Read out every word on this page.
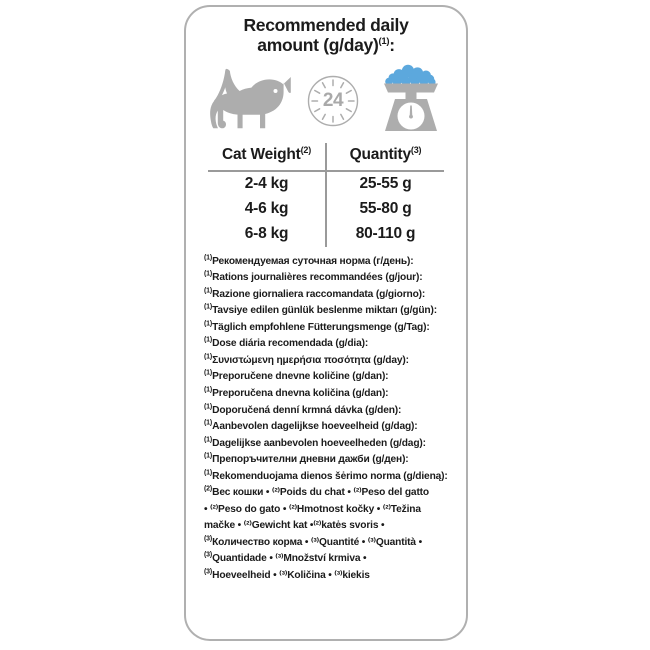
Recommended daily
amount $(g/day)^{(1)}$:
24
Cat Weight$^{(2)}$	Quantity$^{(3)}$
2-4 kg	25-55 g
4-6 kg	55-80 g
6-8 kg	80-110 g
$^{(1)}$Рекомендуемая суточная норма (г/день):
$^{(1)}$Rations journalières recommandées (g/jour):
$^{(1)}$Razione giornaliera raccomandata (g/giorno):
$^{(1)}$Tavsiye edilen günlük beslenme miktarı (g/gün):
$^{(1)}$Täglich empfohlene Fütterungsmenge (g/Tag):
$^{(1)}$Dose diária recomendada (g/dia):
$^{(1)}$Συνιστώμενη ημερήσια ποσότητα (g/day):
$^{(1)}$Preporučene dnevne količine (g/dan):
$^{(1)}$Preporučena dnevna količina (g/dan):
$^{(1)}$Doporučená denní krmná dávka (g/den):
$^{(1)}$Aanbevolen dagelijkse hoeveelheid (g/dag):
$^{(1)}$Dagelijkse aanbevolen hoeveelheden (g/dag):
$^{(1)}$Препоръчителни дневни дажби (g/ден):
$^{(1)}$Rekomenduojama dienos šėrimo norma (g/dieną):
$^{(2)}$Вес кошки • ⁽²⁾Poids du chat • ⁽²⁾Peso del gatto
• ⁽²⁾Peso do gato • ⁽²⁾Hmotnost kočky • ⁽²⁾Težina
mačke • ⁽²⁾Gewicht kat •⁽²⁾katės svoris •
$^{(3)}$Количество корма • ⁽³⁾Quantité • ⁽³⁾Quantità •
$^{(3)}$Quantidade • ⁽³⁾Množství krmiva •
$^{(3)}$Hoeveelheid • ⁽³⁾Količina • ⁽³⁾kiekis
